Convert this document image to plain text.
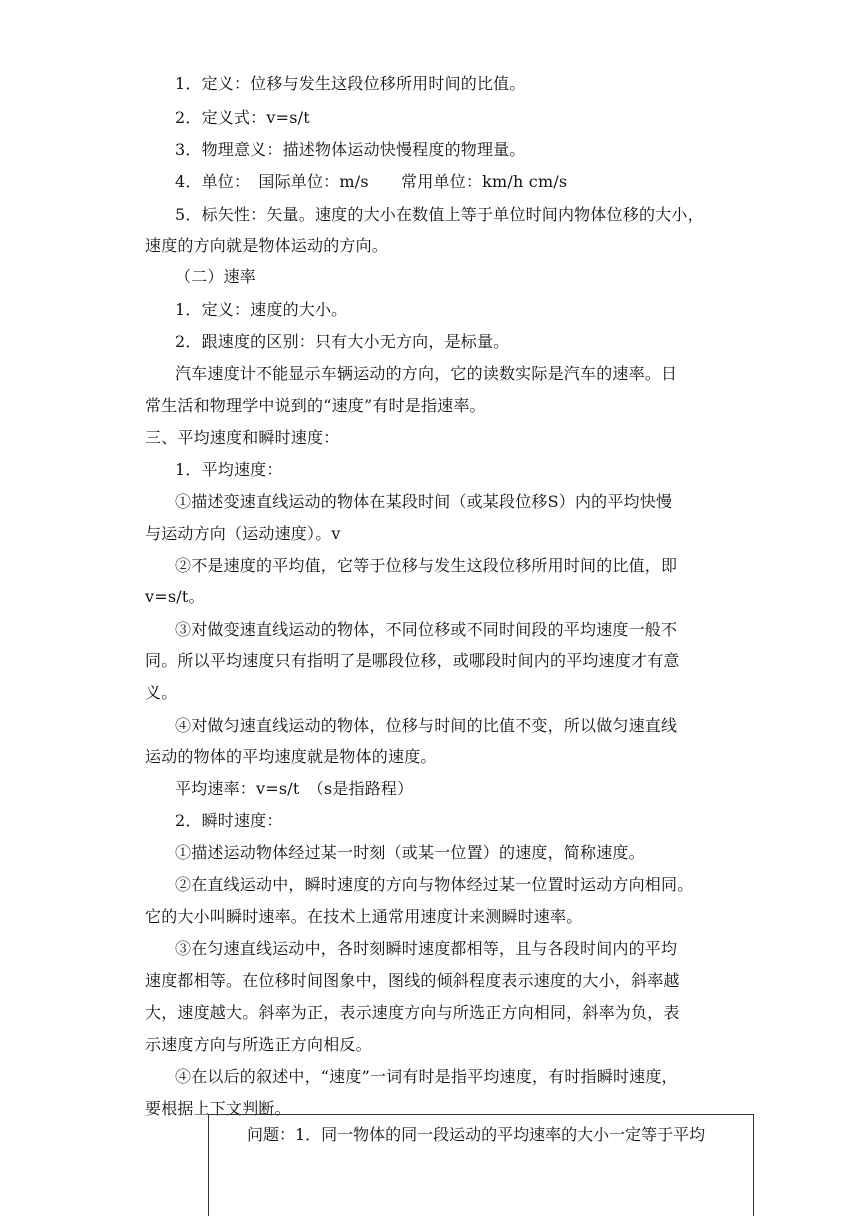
1．定义：位移与发生这段位移所用时间的比值。
2．定义式：v=s/t
3．物理意义：描述物体运动快慢程度的物理量。
4．单位：　国际单位：m/s　　常用单位：km/h cm/s
5．标矢性：矢量。速度的大小在数值上等于单位时间内物体位移的大小，
速度的方向就是物体运动的方向。
（二）速率
1．定义：速度的大小。
2．跟速度的区别：只有大小无方向，是标量。
汽车速度计不能显示车辆运动的方向，它的读数实际是汽车的速率。日
常生活和物理学中说到的“速度”有时是指速率。
三、平均速度和瞬时速度：
1．平均速度：
①描述变速直线运动的物体在某段时间（或某段位移S）内的平均快慢
与运动方向（运动速度）。v
②不是速度的平均值，它等于位移与发生这段位移所用时间的比值，即
v=s/t。
③对做变速直线运动的物体，不同位移或不同时间段的平均速度一般不
同。所以平均速度只有指明了是哪段位移，或哪段时间内的平均速度才有意
义。
④对做匀速直线运动的物体，位移与时间的比值不变，所以做匀速直线
运动的物体的平均速度就是物体的速度。
平均速率：v=s/t　（s是指路程）
2．瞬时速度：
①描述运动物体经过某一时刻（或某一位置）的速度，简称速度。
②在直线运动中，瞬时速度的方向与物体经过某一位置时运动方向相同。
它的大小叫瞬时速率。在技术上通常用速度计来测瞬时速率。
③在匀速直线运动中，各时刻瞬时速度都相等，且与各段时间内的平均
速度都相等。在位移时间图象中，图线的倾斜程度表示速度的大小，斜率越
大，速度越大。斜率为正，表示速度方向与所选正方向相同，斜率为负，表
示速度方向与所选正方向相反。
④在以后的叙述中，“速度”一词有时是指平均速度，有时指瞬时速度，
要根据上下文判断。
问题：1．同一物体的同一段运动的平均速率的大小一定等于平均
